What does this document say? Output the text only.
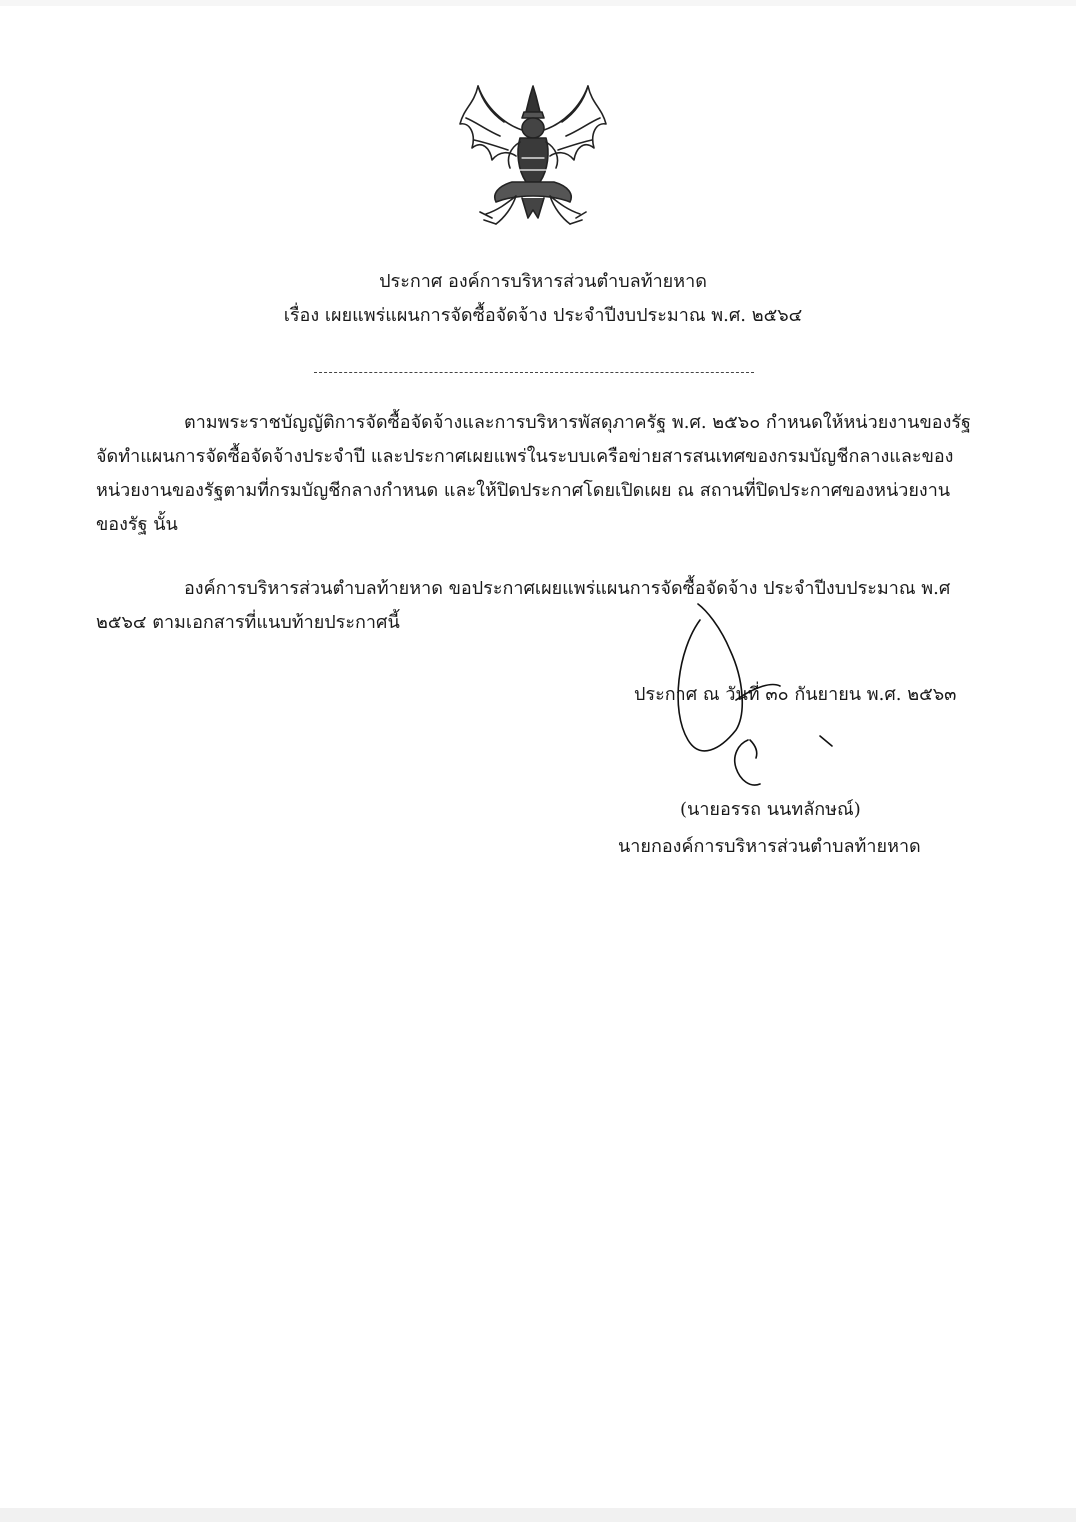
ประกาศ องค์การบริหารส่วนตำบลท้ายหาด
เรื่อง เผยแพร่แผนการจัดซื้อจัดจ้าง ประจำปีงบประมาณ พ.ศ. ๒๕๖๔
ตามพระราชบัญญัติการจัดซื้อจัดจ้างและการบริหารพัสดุภาครัฐ พ.ศ. ๒๕๖๐ กำหนดให้หน่วยงานของรัฐ
จัดทำแผนการจัดซื้อจัดจ้างประจำปี และประกาศเผยแพร่ในระบบเครือข่ายสารสนเทศของกรมบัญชีกลางและของ
หน่วยงานของรัฐตามที่กรมบัญชีกลางกำหนด และให้ปิดประกาศโดยเปิดเผย ณ สถานที่ปิดประกาศของหน่วยงาน
ของรัฐ นั้น
องค์การบริหารส่วนตำบลท้ายหาด ขอประกาศเผยแพร่แผนการจัดซื้อจัดจ้าง ประจำปีงบประมาณ พ.ศ
๒๕๖๔ ตามเอกสารที่แนบท้ายประกาศนี้
ประกาศ ณ วันที่ ๓๐ กันยายน พ.ศ. ๒๕๖๓
(นายอรรถ นนทลักษณ์)
นายกองค์การบริหารส่วนตำบลท้ายหาด
